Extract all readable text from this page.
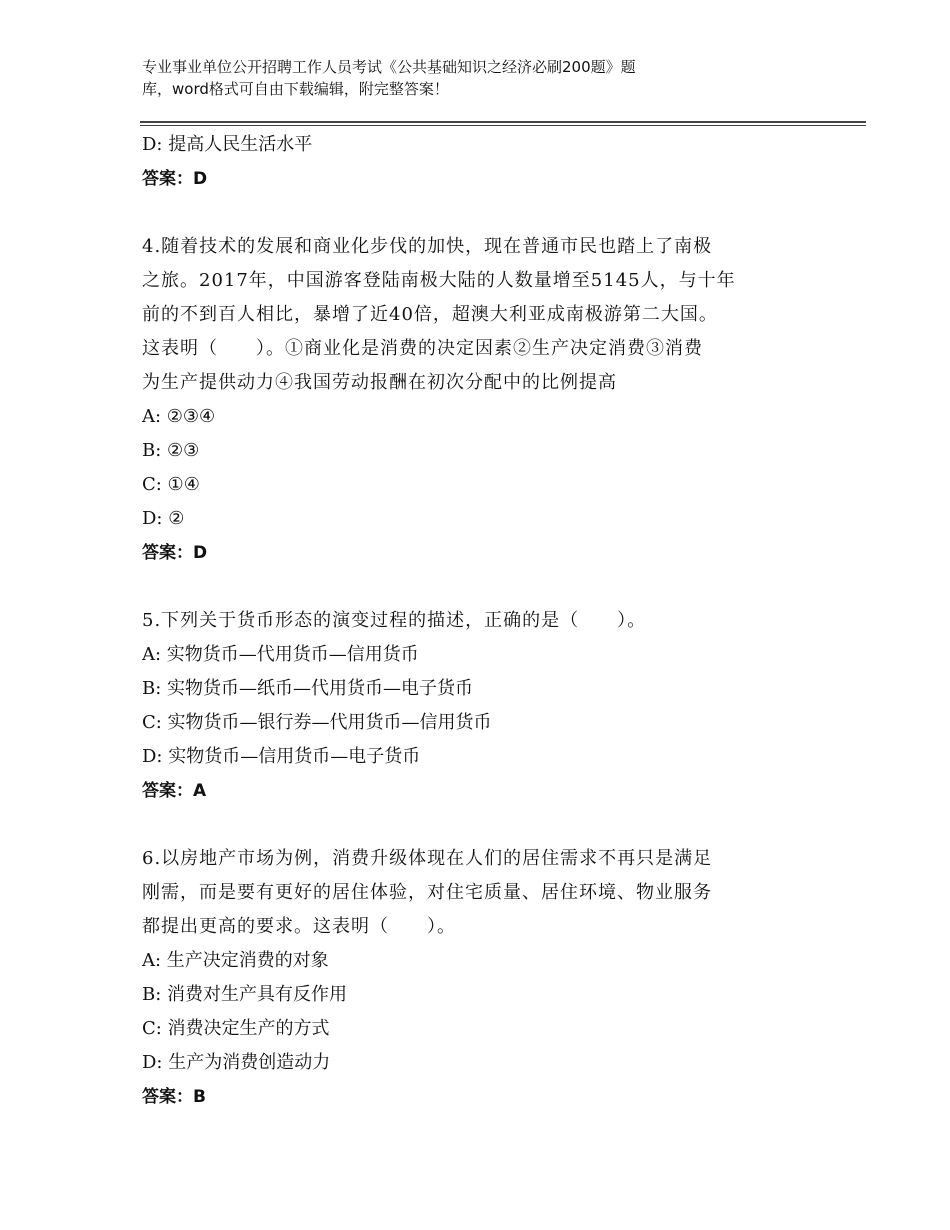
专业事业单位公开招聘工作人员考试《公共基础知识之经济必刷200题》题
库，word格式可自由下载编辑，附完整答案！
D: 提高人民生活水平
答案：D
4.随着技术的发展和商业化步伐的加快，现在普通市民也踏上了南极
之旅。2017年，中国游客登陆南极大陆的人数量增至5145人，与十年
前的不到百人相比，暴增了近40倍，超澳大利亚成南极游第二大国。
这表明（　　）。①商业化是消费的决定因素②生产决定消费③消费
为生产提供动力④我国劳动报酬在初次分配中的比例提高
A: ②③④
B: ②③
C: ①④
D: ②
答案：D
5.下列关于货币形态的演变过程的描述，正确的是（　　）。
A: 实物货币—代用货币—信用货币
B: 实物货币—纸币—代用货币—电子货币
C: 实物货币—银行券—代用货币—信用货币
D: 实物货币—信用货币—电子货币
答案：A
6.以房地产市场为例，消费升级体现在人们的居住需求不再只是满足
刚需，而是要有更好的居住体验，对住宅质量、居住环境、物业服务
都提出更高的要求。这表明（　　）。
A: 生产决定消费的对象
B: 消费对生产具有反作用
C: 消费决定生产的方式
D: 生产为消费创造动力
答案：B
